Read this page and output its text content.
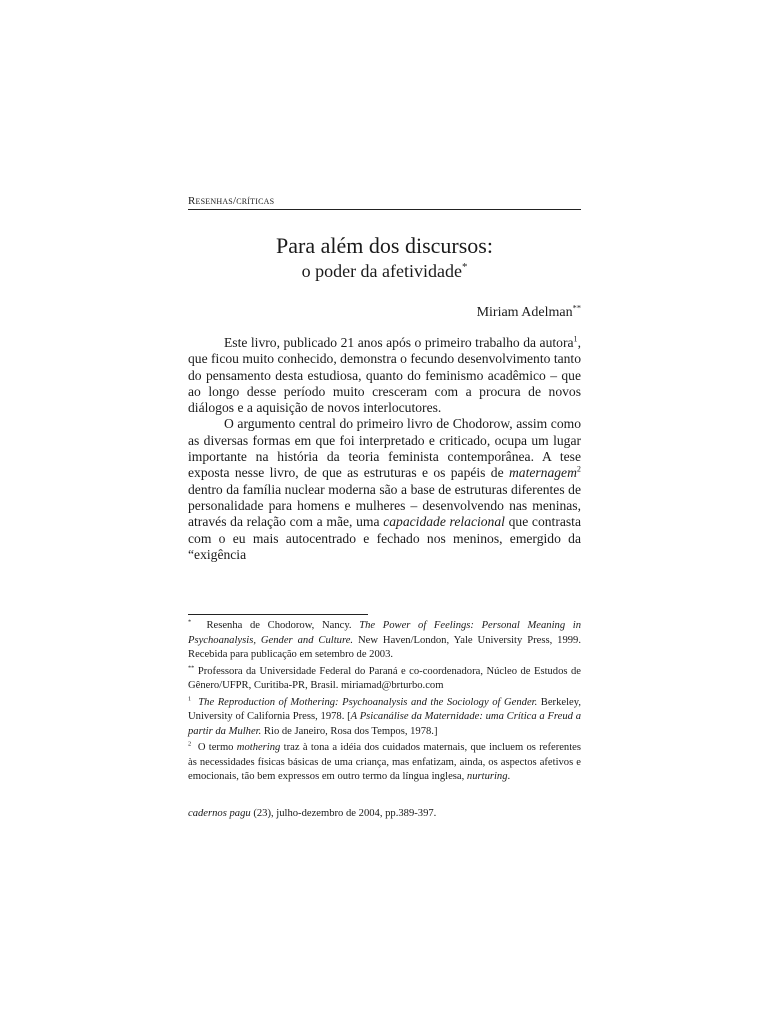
Resenhas/críticas
Para além dos discursos:
o poder da afetividade*
Miriam Adelman**

Este livro, publicado 21 anos após o primeiro trabalho da autora$^1$, que ficou muito conhecido, demonstra o fecundo desenvolvimento tanto do pensamento desta estudiosa, quanto do feminismo acadêmico – que ao longo desse período muito cresceram com a procura de novos diálogos e a aquisição de novos interlocutores.

O argumento central do primeiro livro de Chodorow, assim como as diversas formas em que foi interpretado e criticado, ocupa um lugar importante na história da teoria feminista contemporânea. A tese exposta nesse livro, de que as estruturas e os papéis de maternagem$^2$ dentro da família nuclear moderna são a base de estruturas diferentes de personalidade para homens e mulheres – desenvolvendo nas meninas, através da relação com a mãe, uma capacidade relacional que contrasta com o eu mais autocentrado e fechado nos meninos, emergido da “exigência

* Resenha de Chodorow, Nancy. The Power of Feelings: Personal Meaning in Psychoanalysis, Gender and Culture. New Haven/London, Yale University Press, 1999. Recebida para publicação em setembro de 2003.

** Professora da Universidade Federal do Paraná e co-coordenadora, Núcleo de Estudos de Gênero/UFPR, Curitiba-PR, Brasil. miriamad@brturbo.com

$^1$ The Reproduction of Mothering: Psychoanalysis and the Sociology of Gender. Berkeley, University of California Press, 1978. [A Psicanálise da Maternidade: uma Crítica a Freud a partir da Mulher. Rio de Janeiro, Rosa dos Tempos, 1978.]

$^2$ O termo mothering traz à tona a idéia dos cuidados maternais, que incluem os referentes às necessidades físicas básicas de uma criança, mas enfatizam, ainda, os aspectos afetivos e emocionais, tão bem expressos em outro termo da língua inglesa, nurturing.

cadernos pagu (23), julho-dezembro de 2004, pp.389-397.
